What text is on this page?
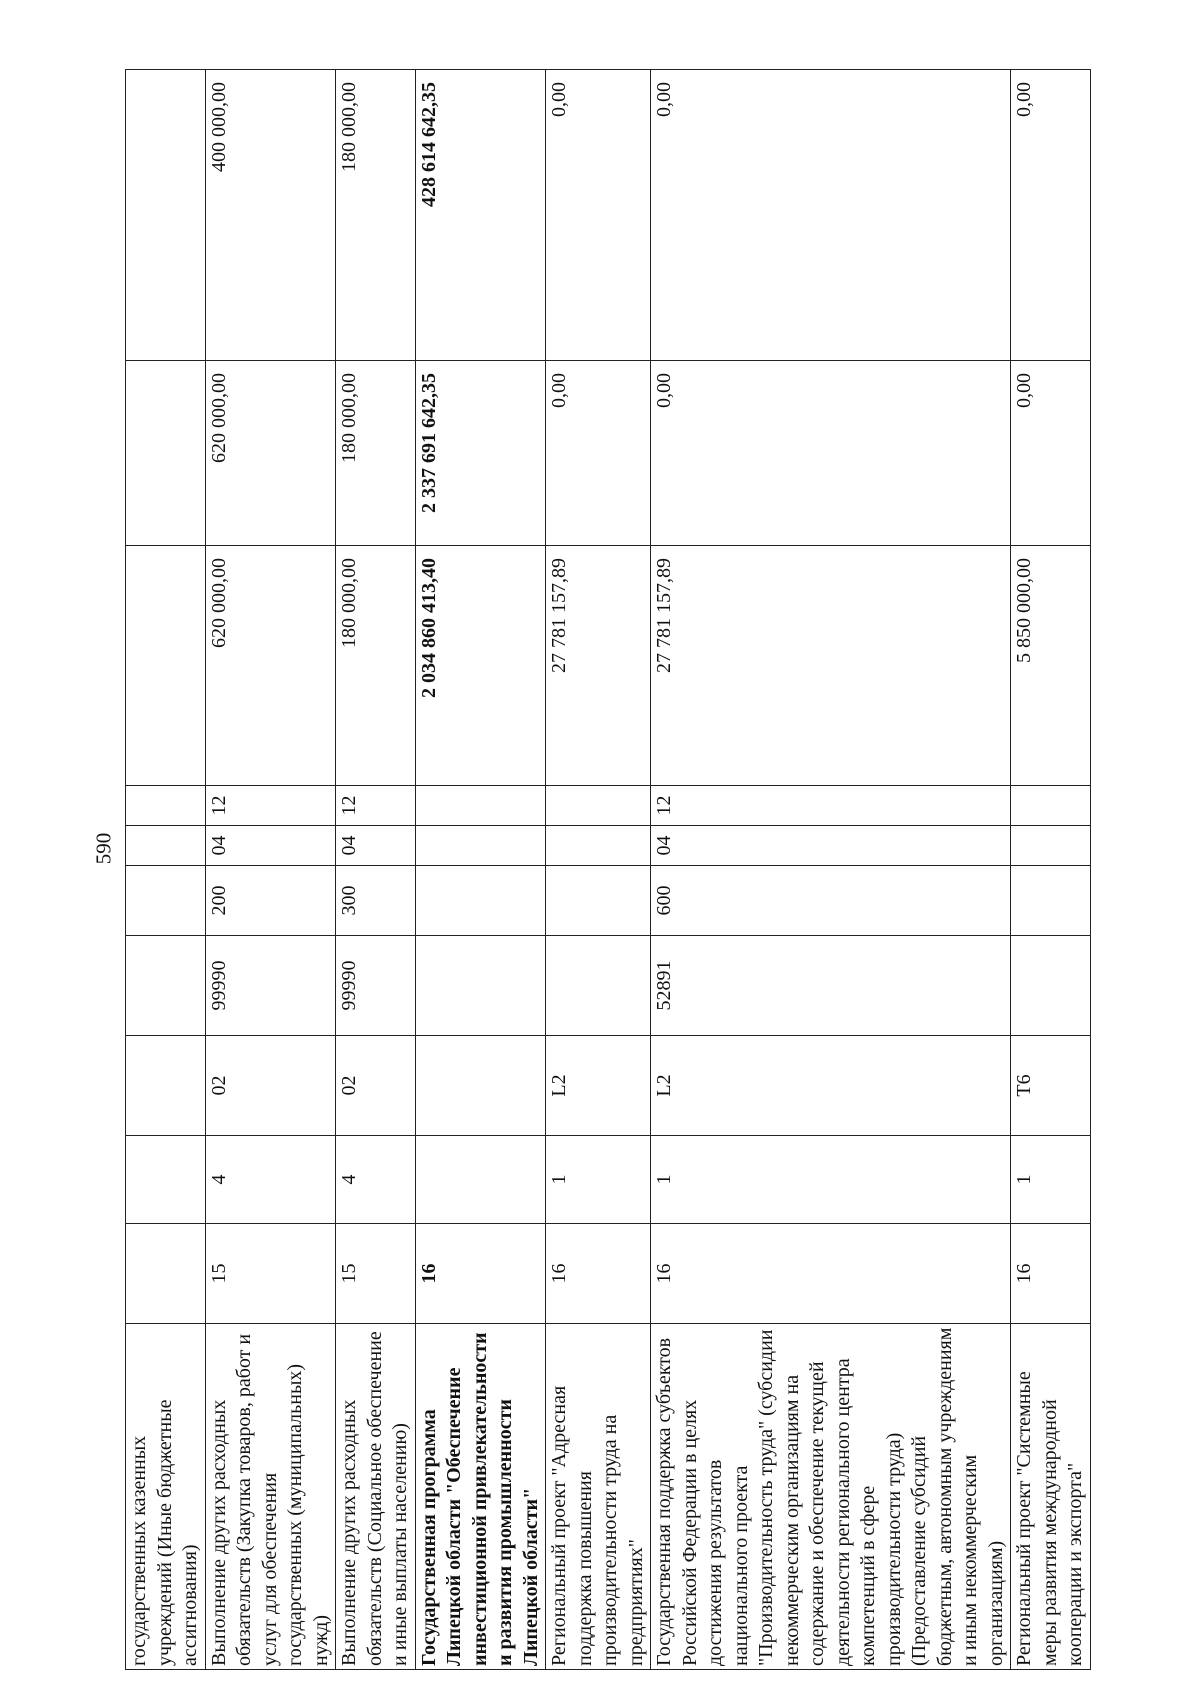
590
государственных казенных учреждений (Иные бюджетные ассигнования)										
Выполнение других расходных обязательств (Закупка товаров, работ и услуг для обеспечения государственных (муниципальных) нужд)	15	4	02	99990	200	04	12	620 000,00	620 000,00	400 000,00
Выполнение других расходных обязательств (Социальное обеспечение и иные выплаты населению)	15	4	02	99990	300	04	12	180 000,00	180 000,00	180 000,00
Государственная программа Липецкой области "Обеспечение инвестиционной привлекательности и развития промышленности Липецкой области"	16							2 034 860 413,40	2 337 691 642,35	428 614 642,35
Региональный проект "Адресная поддержка повышения производительности труда на предприятиях"	16	1	L2					27 781 157,89	0,00	0,00
Государственная поддержка субъектов Российской Федерации в целях достижения результатов национального проекта "Производительность труда" (субсидии некоммерческим организациям на содержание и обеспечение текущей деятельности регионального центра компетенций в сфере производительности труда) (Предоставление субсидий бюджетным, автономным учреждениям и иным некоммерческим организациям)	16	1	L2	52891	600	04	12	27 781 157,89	0,00	0,00
Региональный проект "Системные меры развития международной кооперации и экспорта"	16	1	T6					5 850 000,00	0,00	0,00
